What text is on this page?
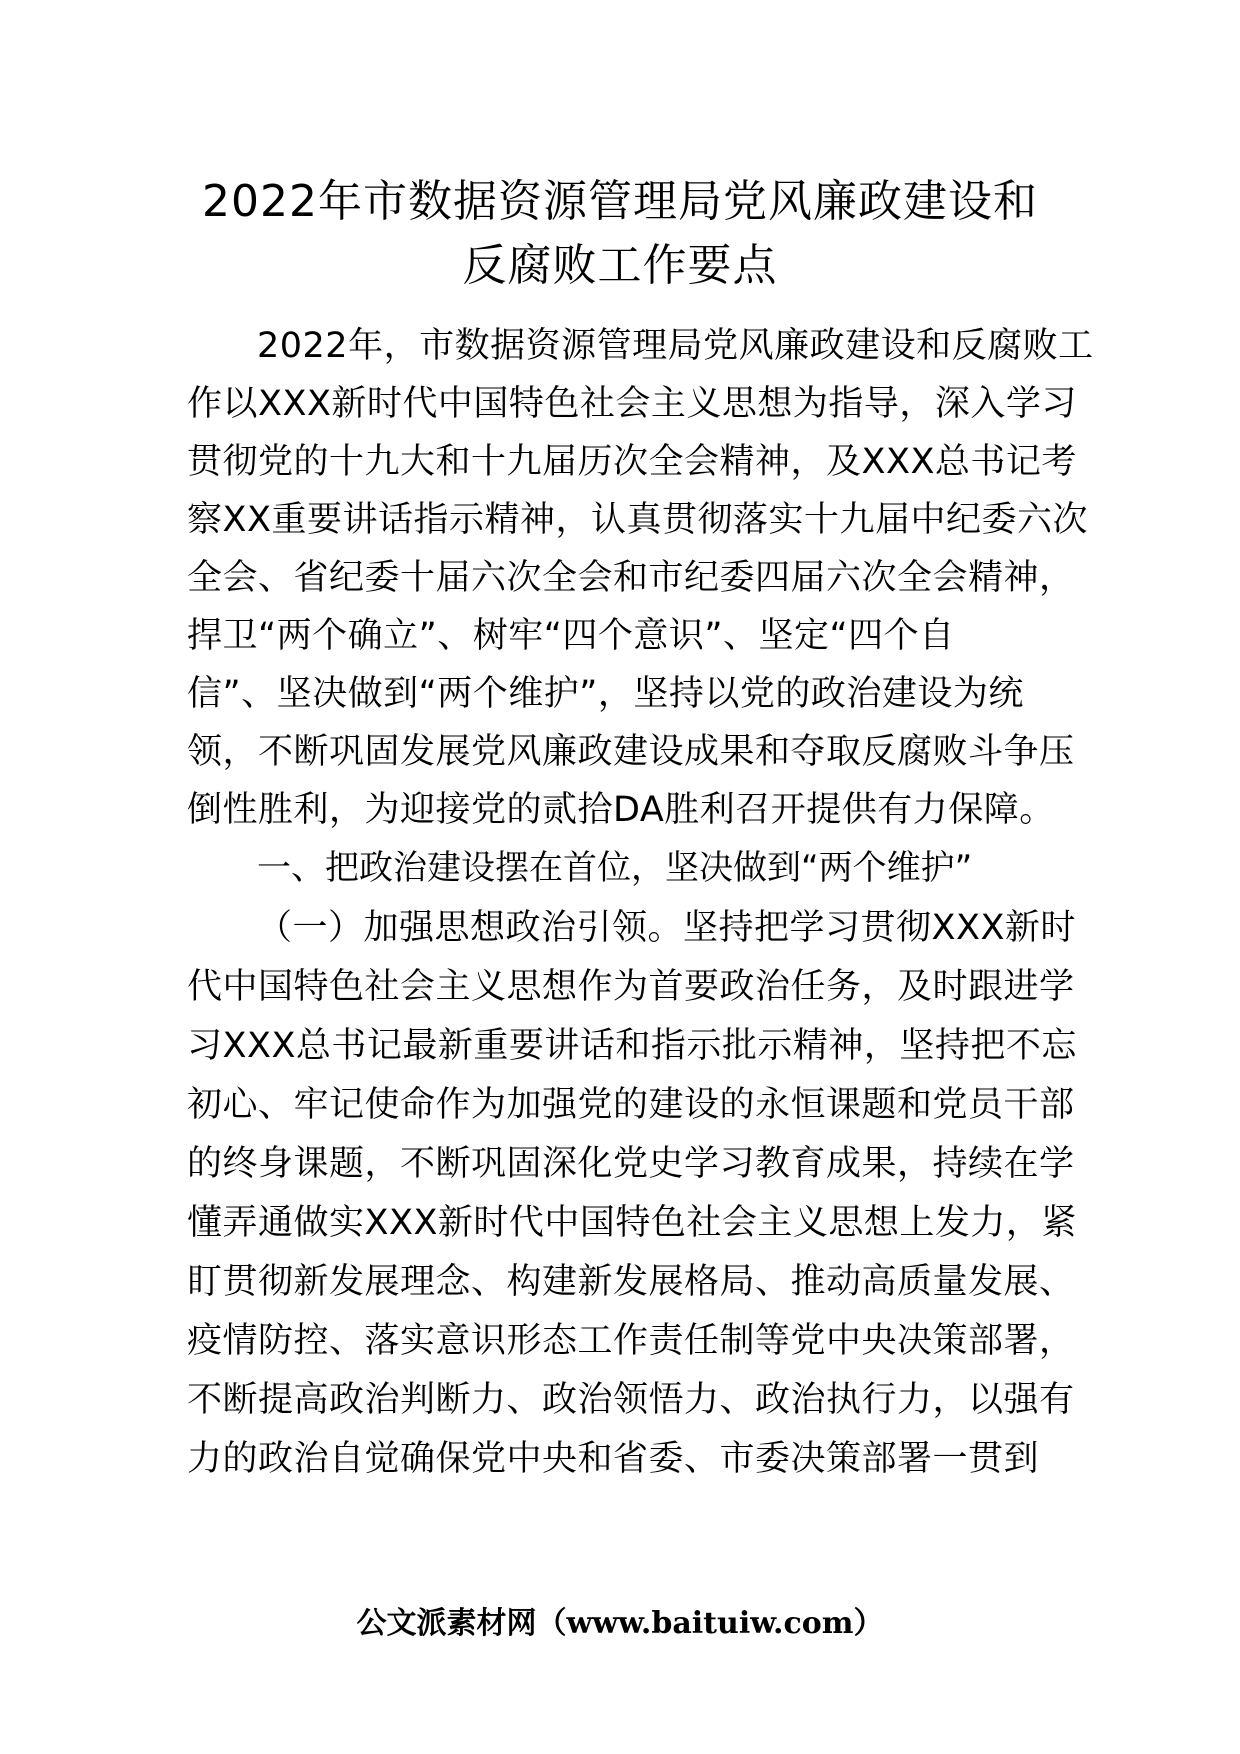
2022年市数据资源管理局党风廉政建设和
反腐败工作要点
2022年，市数据资源管理局党风廉政建设和反腐败工
作以XXX新时代中国特色社会主义思想为指导，深入学习
贯彻党的十九大和十九届历次全会精神，及XXX总书记考
察XX重要讲话指示精神，认真贯彻落实十九届中纪委六次
全会、省纪委十届六次全会和市纪委四届六次全会精神，
捍卫“两个确立”、树牢“四个意识”、坚定“四个自
信”、坚决做到“两个维护”，坚持以党的政治建设为统
领，不断巩固发展党风廉政建设成果和夺取反腐败斗争压
倒性胜利，为迎接党的贰拾DA胜利召开提供有力保障。
一、把政治建设摆在首位，坚决做到“两个维护”
（一）加强思想政治引领。坚持把学习贯彻XXX新时
代中国特色社会主义思想作为首要政治任务，及时跟进学
习XXX总书记最新重要讲话和指示批示精神，坚持把不忘
初心、牢记使命作为加强党的建设的永恒课题和党员干部
的终身课题，不断巩固深化党史学习教育成果，持续在学
懂弄通做实XXX新时代中国特色社会主义思想上发力，紧
盯贯彻新发展理念、构建新发展格局、推动高质量发展、
疫情防控、落实意识形态工作责任制等党中央决策部署，
不断提高政治判断力、政治领悟力、政治执行力，以强有
力的政治自觉确保党中央和省委、市委决策部署一贯到
公文派素材网（www.baituiw.com）
